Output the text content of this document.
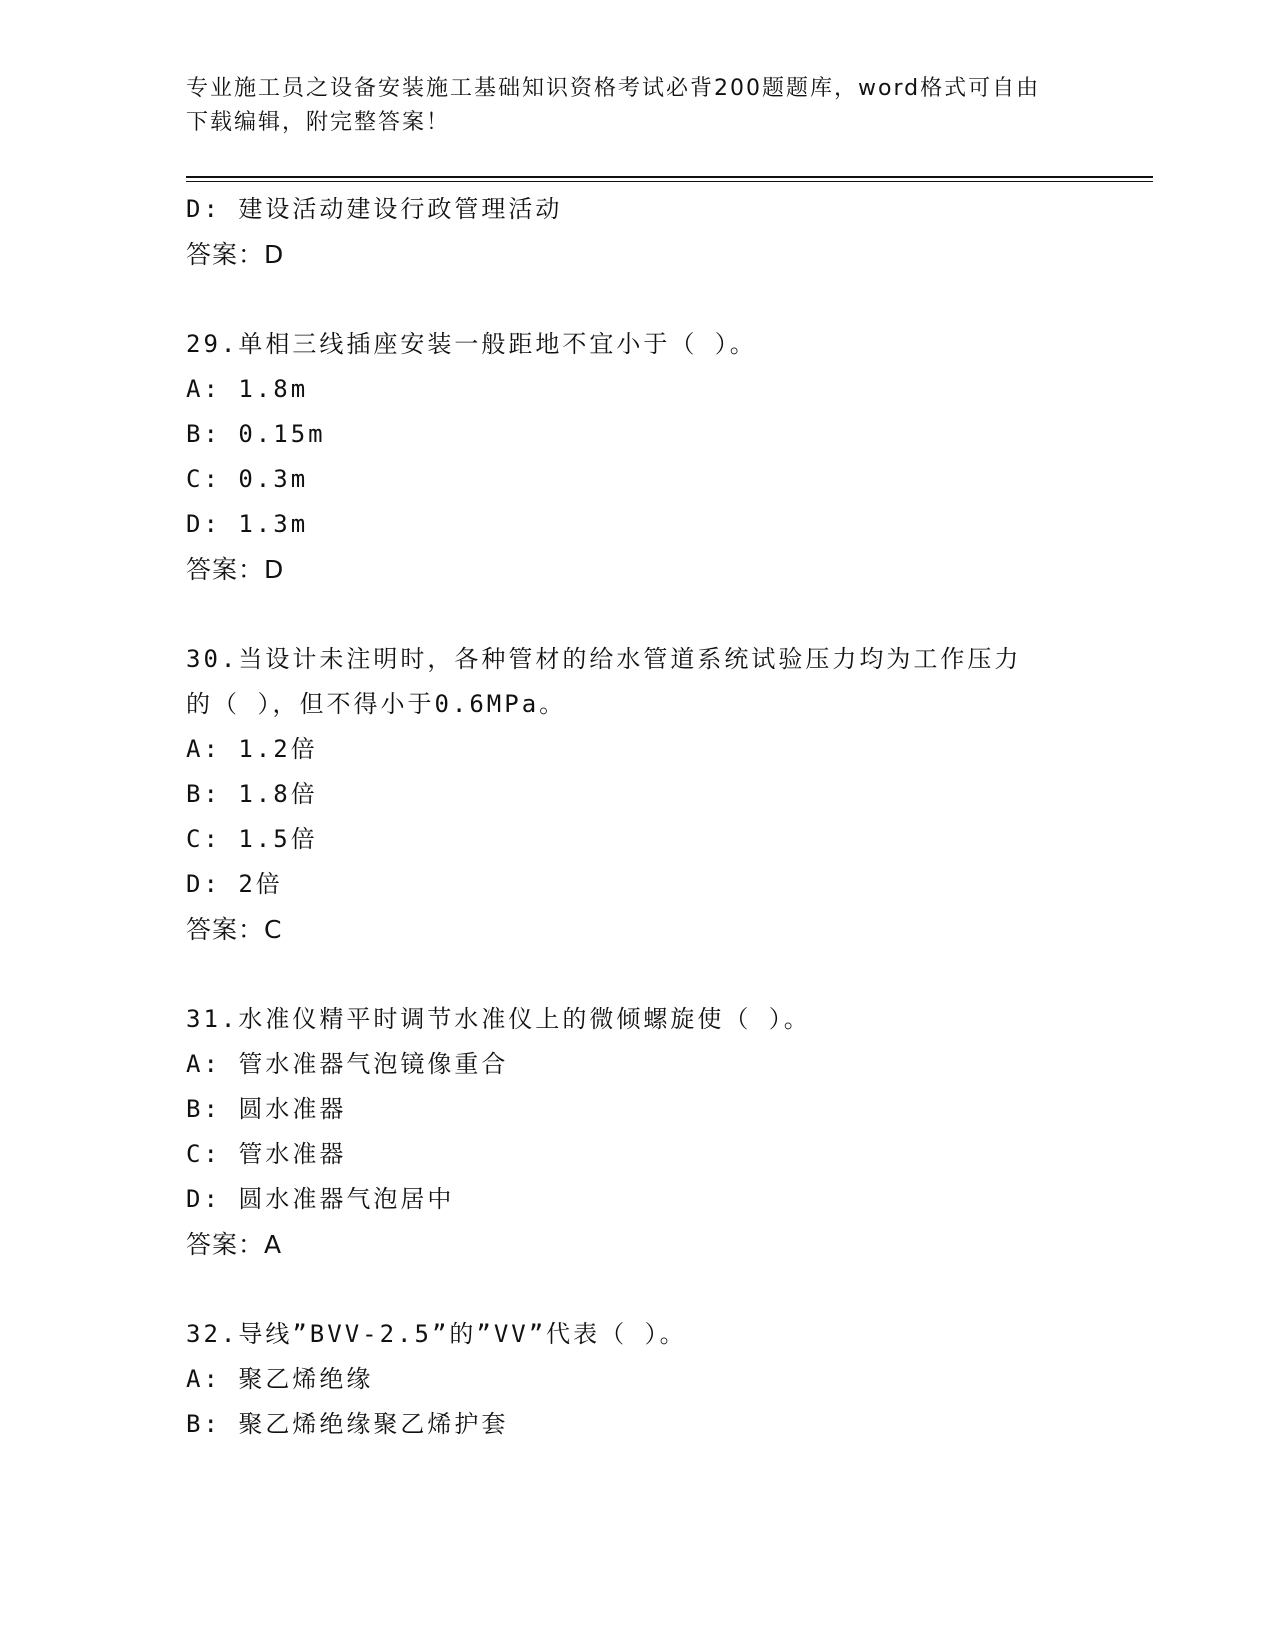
专业施工员之设备安装施工基础知识资格考试必背200题题库，word格式可自由
下载编辑，附完整答案！
D: 建设活动建设行政管理活动
答案：D
29.单相三线插座安装一般距地不宜小于（ ）。
A: 1.8m
B: 0.15m
C: 0.3m
D: 1.3m
答案：D
30.当设计未注明时，各种管材的给水管道系统试验压力均为工作压力
的（ ），但不得小于0.6MPa。
A: 1.2倍
B: 1.8倍
C: 1.5倍
D: 2倍
答案：C
31.水准仪精平时调节水准仪上的微倾螺旋使（ ）。
A: 管水准器气泡镜像重合
B: 圆水准器
C: 管水准器
D: 圆水准器气泡居中
答案：A
32.导线”BVV-2.5”的”VV”代表（ ）。
A: 聚乙烯绝缘
B: 聚乙烯绝缘聚乙烯护套
